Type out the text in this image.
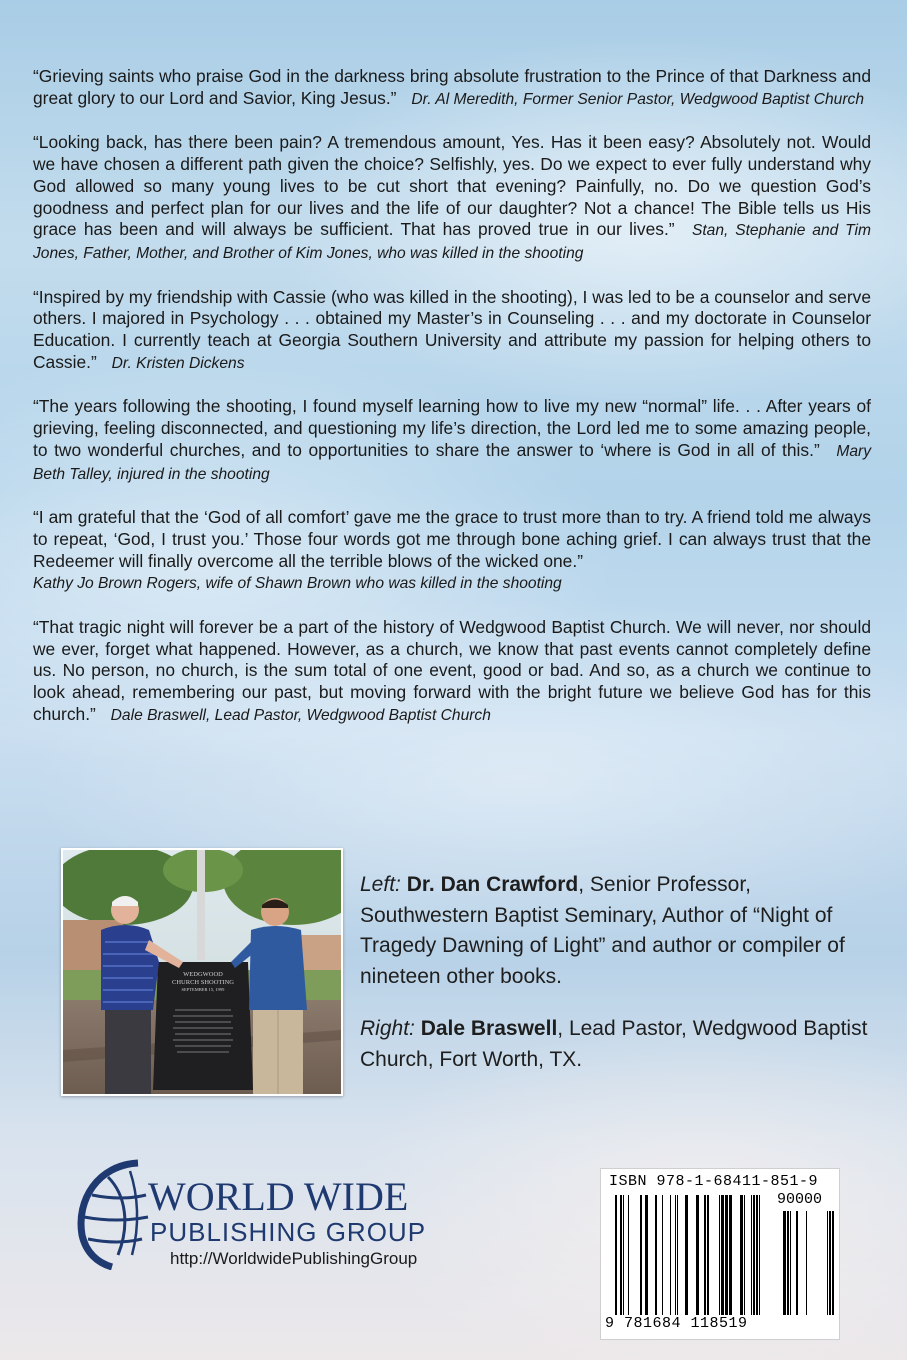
“Grieving saints who praise God in the darkness bring absolute frustration to the Prince of that Darkness and great glory to our Lord and Savior, King Jesus.” Dr. Al Meredith, Former Senior Pastor, Wedgwood Baptist Church

“Looking back, has there been pain? A tremendous amount, Yes. Has it been easy? Absolutely not. Would we have chosen a different path given the choice? Selfishly, yes. Do we expect to ever fully understand why God allowed so many young lives to be cut short that evening? Painfully, no. Do we question God’s goodness and perfect plan for our lives and the life of our daughter? Not a chance! The Bible tells us His grace has been and will always be sufficient. That has proved true in our lives.” Stan, Stephanie and Tim Jones, Father, Mother, and Brother of Kim Jones, who was killed in the shooting

“Inspired by my friendship with Cassie (who was killed in the shooting), I was led to be a counselor and serve others. I majored in Psychology . . . obtained my Master’s in Counseling . . . and my doctorate in Counselor Education. I currently teach at Georgia Southern University and attribute my passion for helping others to Cassie.” Dr. Kristen Dickens

“The years following the shooting, I found myself learning how to live my new “normal” life. . . After years of grieving, feeling disconnected, and questioning my life’s direction, the Lord led me to some amazing people, to two wonderful churches, and to opportunities to share the answer to ‘where is God in all of this.” Mary Beth Talley, injured in the shooting

“I am grateful that the ‘God of all comfort’ gave me the grace to trust more than to try. A friend told me always to repeat, ‘God, I trust you.’ Those four words got me through bone aching grief. I can always trust that the Redeemer will finally overcome all the terrible blows of the wicked one.”
Kathy Jo Brown Rogers, wife of Shawn Brown who was killed in the shooting

“That tragic night will forever be a part of the history of Wedgwood Baptist Church. We will never, nor should we ever, forget what happened. However, as a church, we know that past events cannot completely define us. No person, no church, is the sum total of one event, good or bad. And so, as a church we continue to look ahead, remembering our past, but moving forward with the bright future we believe God has for this church.” Dale Braswell, Lead Pastor, Wedgwood Baptist Church

WEDGWOOD
CHURCH SHOOTING
SEPTEMBER 15, 1999

Left: Dr. Dan Crawford, Senior Professor, Southwestern Baptist Seminary, Author of “Night of Tragedy Dawning of Light” and author or compiler of nineteen other books.

Right: Dale Braswell, Lead Pastor, Wedgwood Baptist Church, Fort Worth, TX.

WORLD WIDE
PUBLISHING GROUP
http://WorldwidePublishingGroup
ISBN 978-1-68411-851-9
90000
9 781684 118519
